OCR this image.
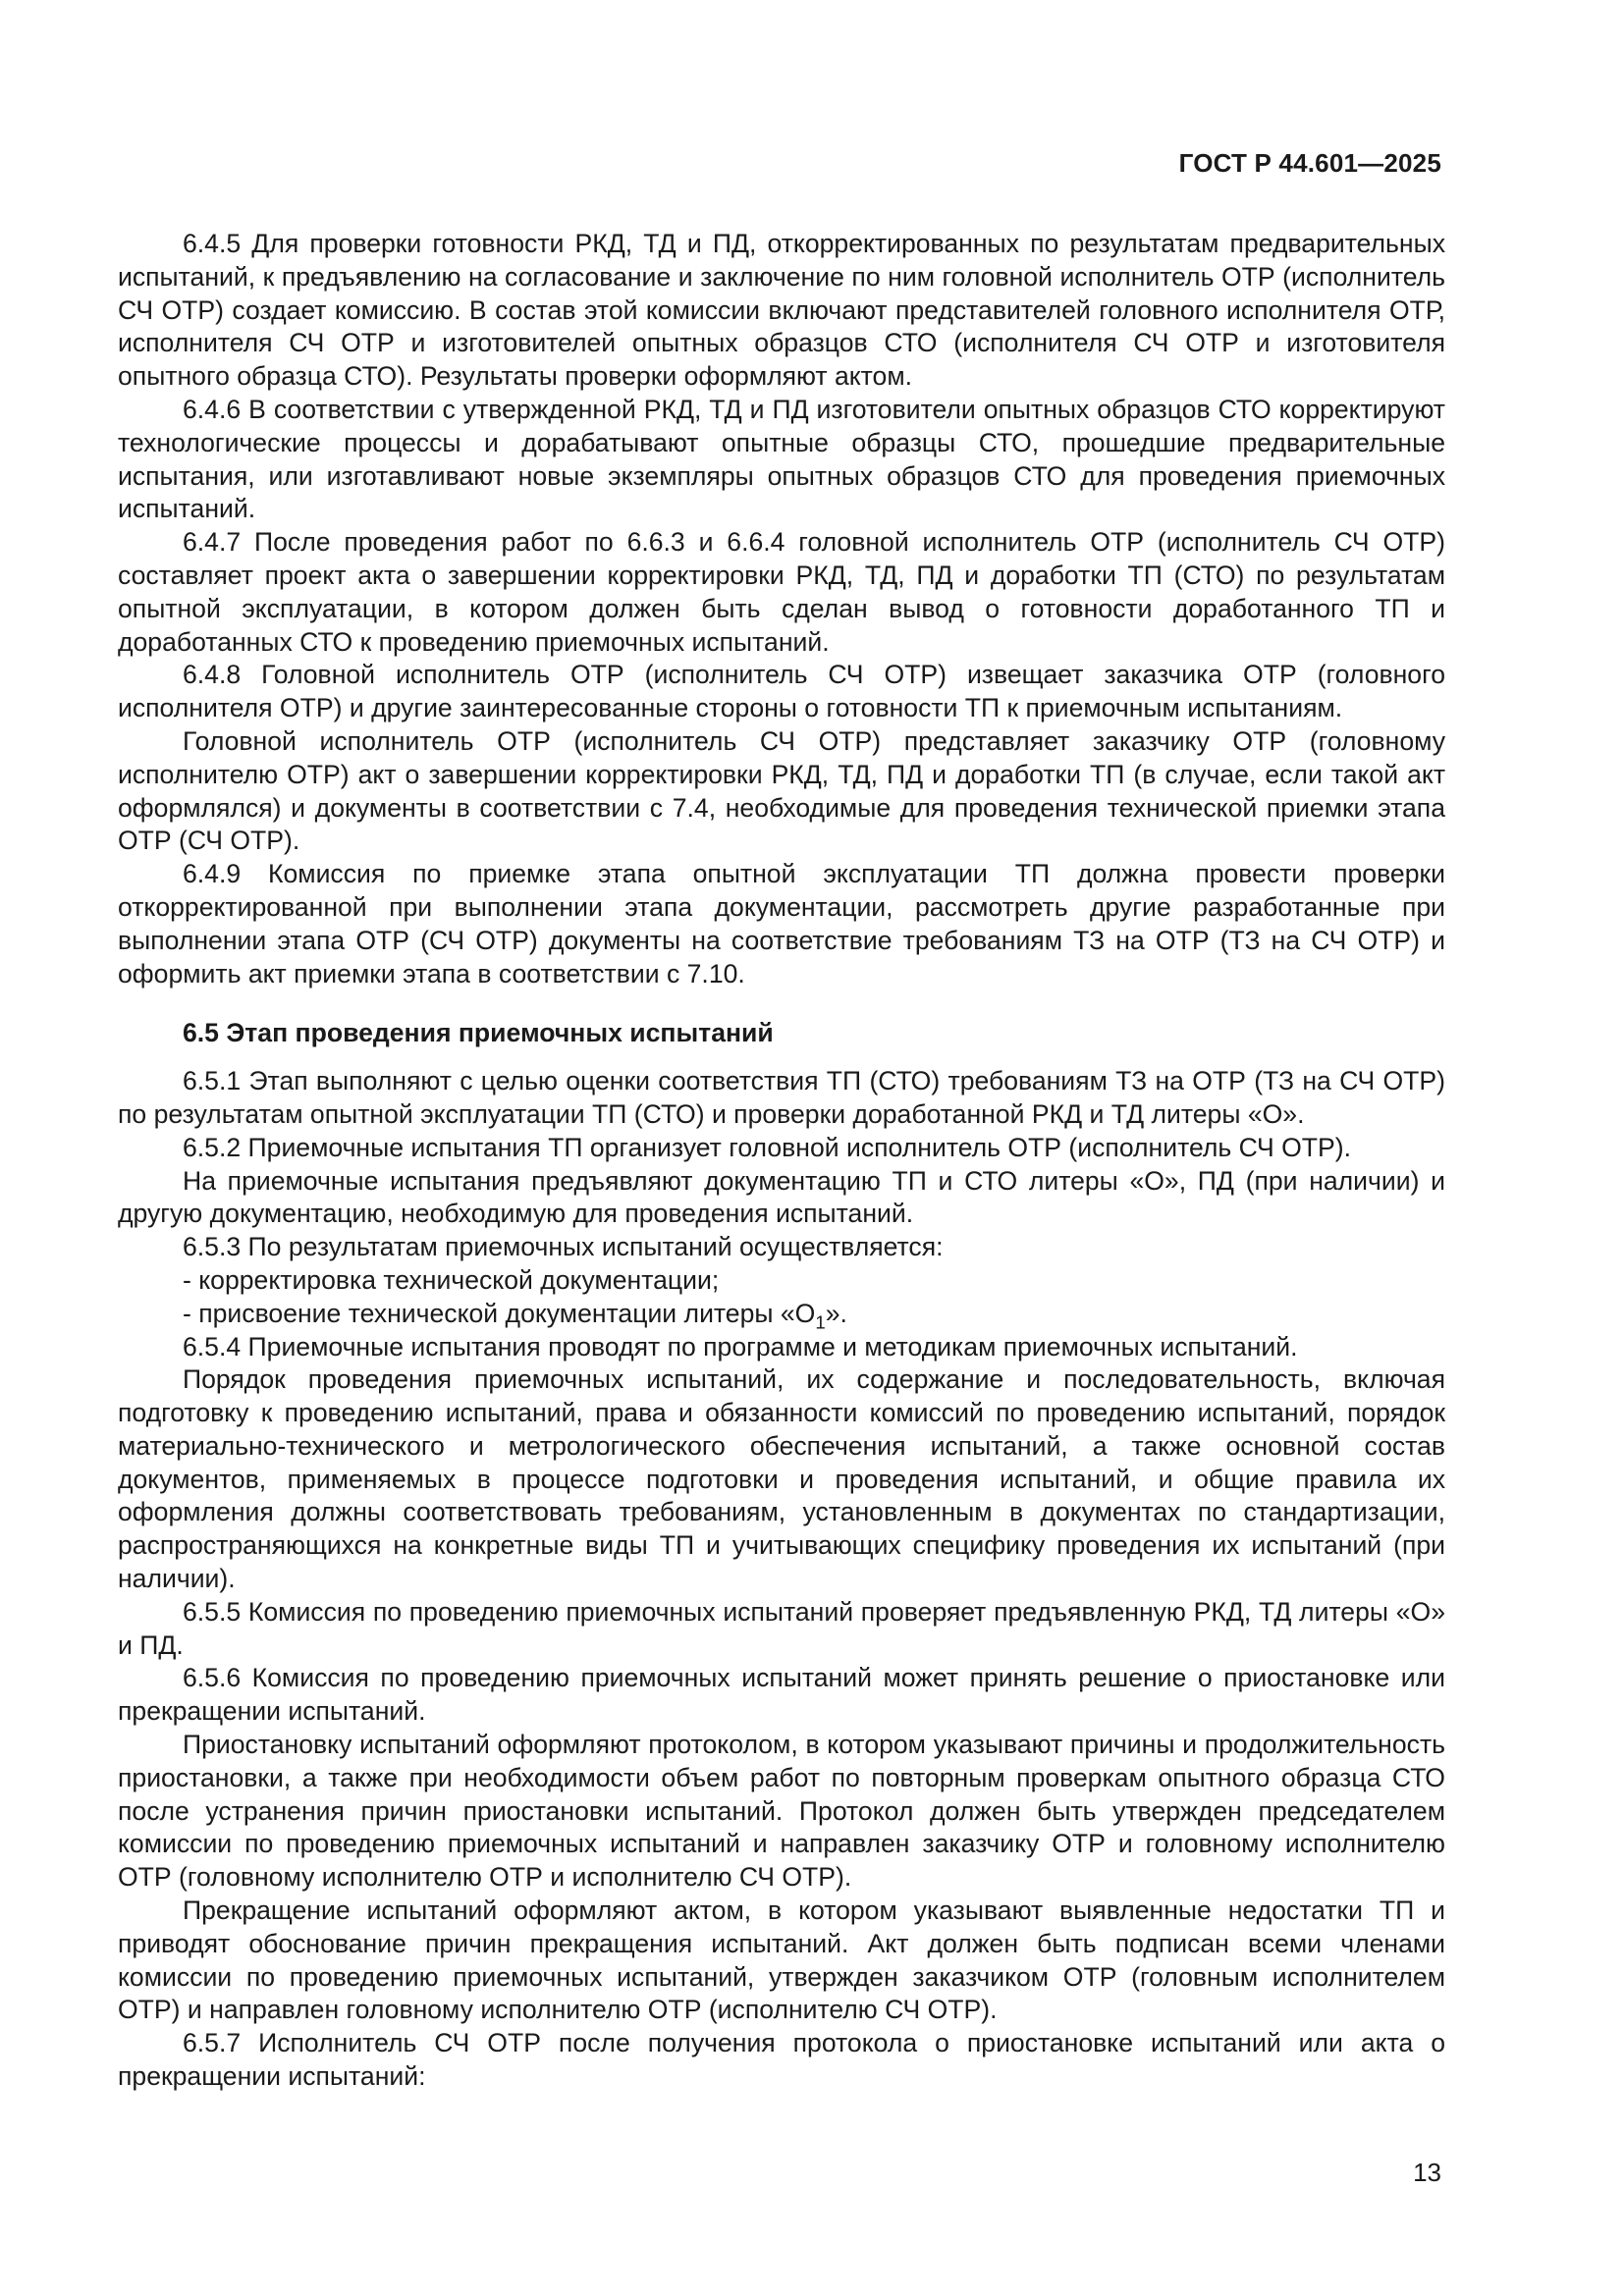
ГОСТ Р 44.601—2025

6.4.5 Для проверки готовности РКД, ТД и ПД, откорректированных по результатам предварительных испытаний, к предъявлению на согласование и заключение по ним головной исполнитель ОТР (исполнитель СЧ ОТР) создает комиссию. В состав этой комиссии включают представителей головного исполнителя ОТР, исполнителя СЧ ОТР и изготовителей опытных образцов СТО (исполнителя СЧ ОТР и изготовителя опытного образца СТО). Результаты проверки оформляют актом.

6.4.6 В соответствии с утвержденной РКД, ТД и ПД изготовители опытных образцов СТО корректируют технологические процессы и дорабатывают опытные образцы СТО, прошедшие предварительные испытания, или изготавливают новые экземпляры опытных образцов СТО для проведения приемочных испытаний.

6.4.7 После проведения работ по 6.6.3 и 6.6.4 головной исполнитель ОТР (исполнитель СЧ ОТР) составляет проект акта о завершении корректировки РКД, ТД, ПД и доработки ТП (СТО) по результатам опытной эксплуатации, в котором должен быть сделан вывод о готовности доработанного ТП и доработанных СТО к проведению приемочных испытаний.

6.4.8 Головной исполнитель ОТР (исполнитель СЧ ОТР) извещает заказчика ОТР (головного исполнителя ОТР) и другие заинтересованные стороны о готовности ТП к приемочным испытаниям.

Головной исполнитель ОТР (исполнитель СЧ ОТР) представляет заказчику ОТР (головному исполнителю ОТР) акт о завершении корректировки РКД, ТД, ПД и доработки ТП (в случае, если такой акт оформлялся) и документы в соответствии с 7.4, необходимые для проведения технической приемки этапа ОТР (СЧ ОТР).

6.4.9 Комиссия по приемке этапа опытной эксплуатации ТП должна провести проверки откорректированной при выполнении этапа документации, рассмотреть другие разработанные при выполнении этапа ОТР (СЧ ОТР) документы на соответствие требованиям ТЗ на ОТР (ТЗ на СЧ ОТР) и оформить акт приемки этапа в соответствии с 7.10.

6.5 Этап проведения приемочных испытаний

6.5.1 Этап выполняют с целью оценки соответствия ТП (СТО) требованиям ТЗ на ОТР (ТЗ на СЧ ОТР) по результатам опытной эксплуатации ТП (СТО) и проверки доработанной РКД и ТД литеры «О».

6.5.2 Приемочные испытания ТП организует головной исполнитель ОТР (исполнитель СЧ ОТР).

На приемочные испытания предъявляют документацию ТП и СТО литеры «О», ПД (при наличии) и другую документацию, необходимую для проведения испытаний.

6.5.3 По результатам приемочных испытаний осуществляется:

- корректировка технической документации;

- присвоение технической документации литеры «$О_1$».

6.5.4 Приемочные испытания проводят по программе и методикам приемочных испытаний.

Порядок проведения приемочных испытаний, их содержание и последовательность, включая подготовку к проведению испытаний, права и обязанности комиссий по проведению испытаний, порядок материально-технического и метрологического обеспечения испытаний, а также основной состав документов, применяемых в процессе подготовки и проведения испытаний, и общие правила их оформления должны соответствовать требованиям, установленным в документах по стандартизации, распространяющихся на конкретные виды ТП и учитывающих специфику проведения их испытаний (при наличии).

6.5.5 Комиссия по проведению приемочных испытаний проверяет предъявленную РКД, ТД литеры «О» и ПД.

6.5.6 Комиссия по проведению приемочных испытаний может принять решение о приостановке или прекращении испытаний.

Приостановку испытаний оформляют протоколом, в котором указывают причины и продолжительность приостановки, а также при необходимости объем работ по повторным проверкам опытного образца СТО после устранения причин приостановки испытаний. Протокол должен быть утвержден председателем комиссии по проведению приемочных испытаний и направлен заказчику ОТР и головному исполнителю ОТР (головному исполнителю ОТР и исполнителю СЧ ОТР).

Прекращение испытаний оформляют актом, в котором указывают выявленные недостатки ТП и приводят обоснование причин прекращения испытаний. Акт должен быть подписан всеми членами комиссии по проведению приемочных испытаний, утвержден заказчиком ОТР (головным исполнителем ОТР) и направлен головному исполнителю ОТР (исполнителю СЧ ОТР).

6.5.7 Исполнитель СЧ ОТР после получения протокола о приостановке испытаний или акта о прекращении испытаний:

13
